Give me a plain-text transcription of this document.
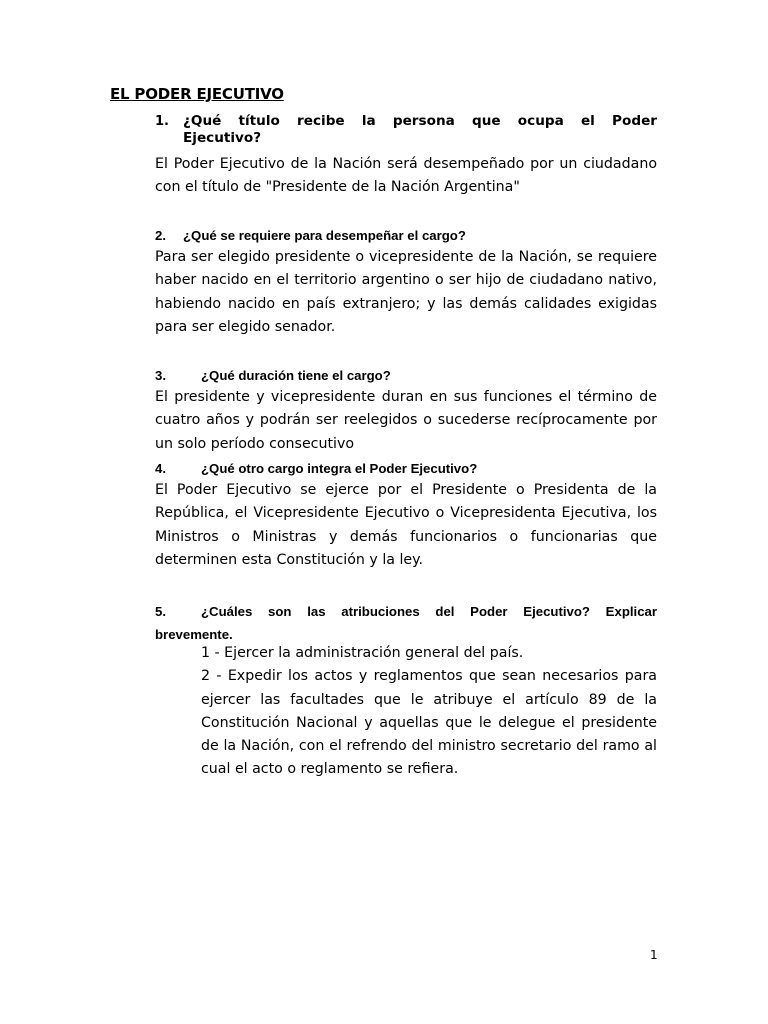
EL PODER EJECUTIVO
1. ¿Qué título recibe la persona que ocupa el Poder
Ejecutivo?
El Poder Ejecutivo de la Nación será desempeñado por un ciudadano
con el título de "Presidente de la Nación Argentina"
2. ¿Qué se requiere para desempeñar el cargo?
Para ser elegido presidente o vicepresidente de la Nación, se requiere
haber nacido en el territorio argentino o ser hijo de ciudadano nativo,
habiendo nacido en país extranjero; y las demás calidades exigidas
para ser elegido senador.
3.	¿Qué duración tiene el cargo?
El presidente y vicepresidente duran en sus funciones el término de
cuatro años y podrán ser reelegidos o sucederse recíprocamente por
un solo período consecutivo
4.	¿Qué otro cargo integra el Poder Ejecutivo?
El Poder Ejecutivo se ejerce por el Presidente o Presidenta de la
República, el Vicepresidente Ejecutivo o Vicepresidenta Ejecutiva, los
Ministros o Ministras y demás funcionarios o funcionarias que
determinen esta Constitución y la ley.
5.	¿Cuáles son las atribuciones del Poder Ejecutivo? Explicar
brevemente.
1 - Ejercer la administración general del país.
2 - Expedir los actos y reglamentos que sean necesarios para
ejercer las facultades que le atribuye el artículo 89 de la
Constitución Nacional y aquellas que le delegue el presidente
de la Nación, con el refrendo del ministro secretario del ramo al
cual el acto o reglamento se refiera.
1
